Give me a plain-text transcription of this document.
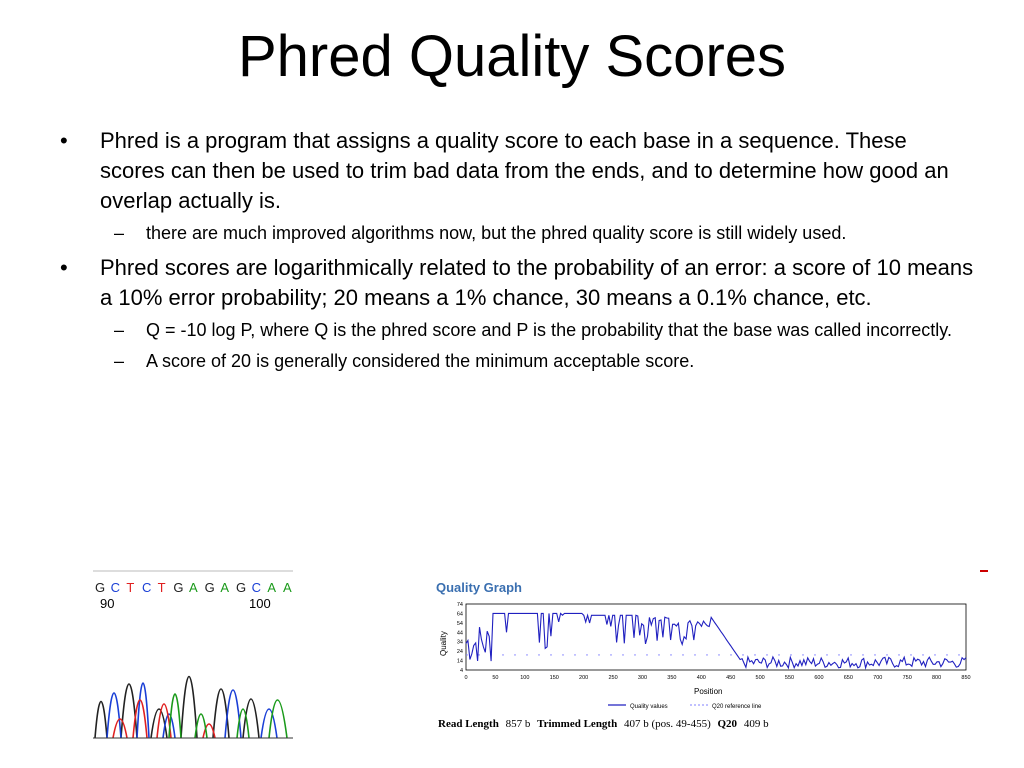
Phred Quality Scores
• Phred is a program that assigns a quality score to each base in a sequence. These scores can then be used to trim bad data from the ends, and to determine how good an overlap actually is.
– there are much improved algorithms now, but the phred quality score is still widely used.
• Phred scores are logarithmically related to the probability of an error: a score of 10 means a 10% error probability; 20 means a 1% chance, 30 means a 0.1% chance, etc.
– Q = -10 log P, where Q is the phred score and P is the probability that the base was called incorrectly.
– A score of 20 is generally considered the minimum acceptable score.
G C T C T G A G A G C A A
90	100
Quality Graph
Quality
74
64
54
44
34
24
14
4
0	50	100	150	200	250	300	350	400	450	500	550	600	650	700	750	800	850
Position
Quality values	Q20 reference line
Read Length 857 b Trimmed Length 407 b (pos. 49-455) Q20 409 b
